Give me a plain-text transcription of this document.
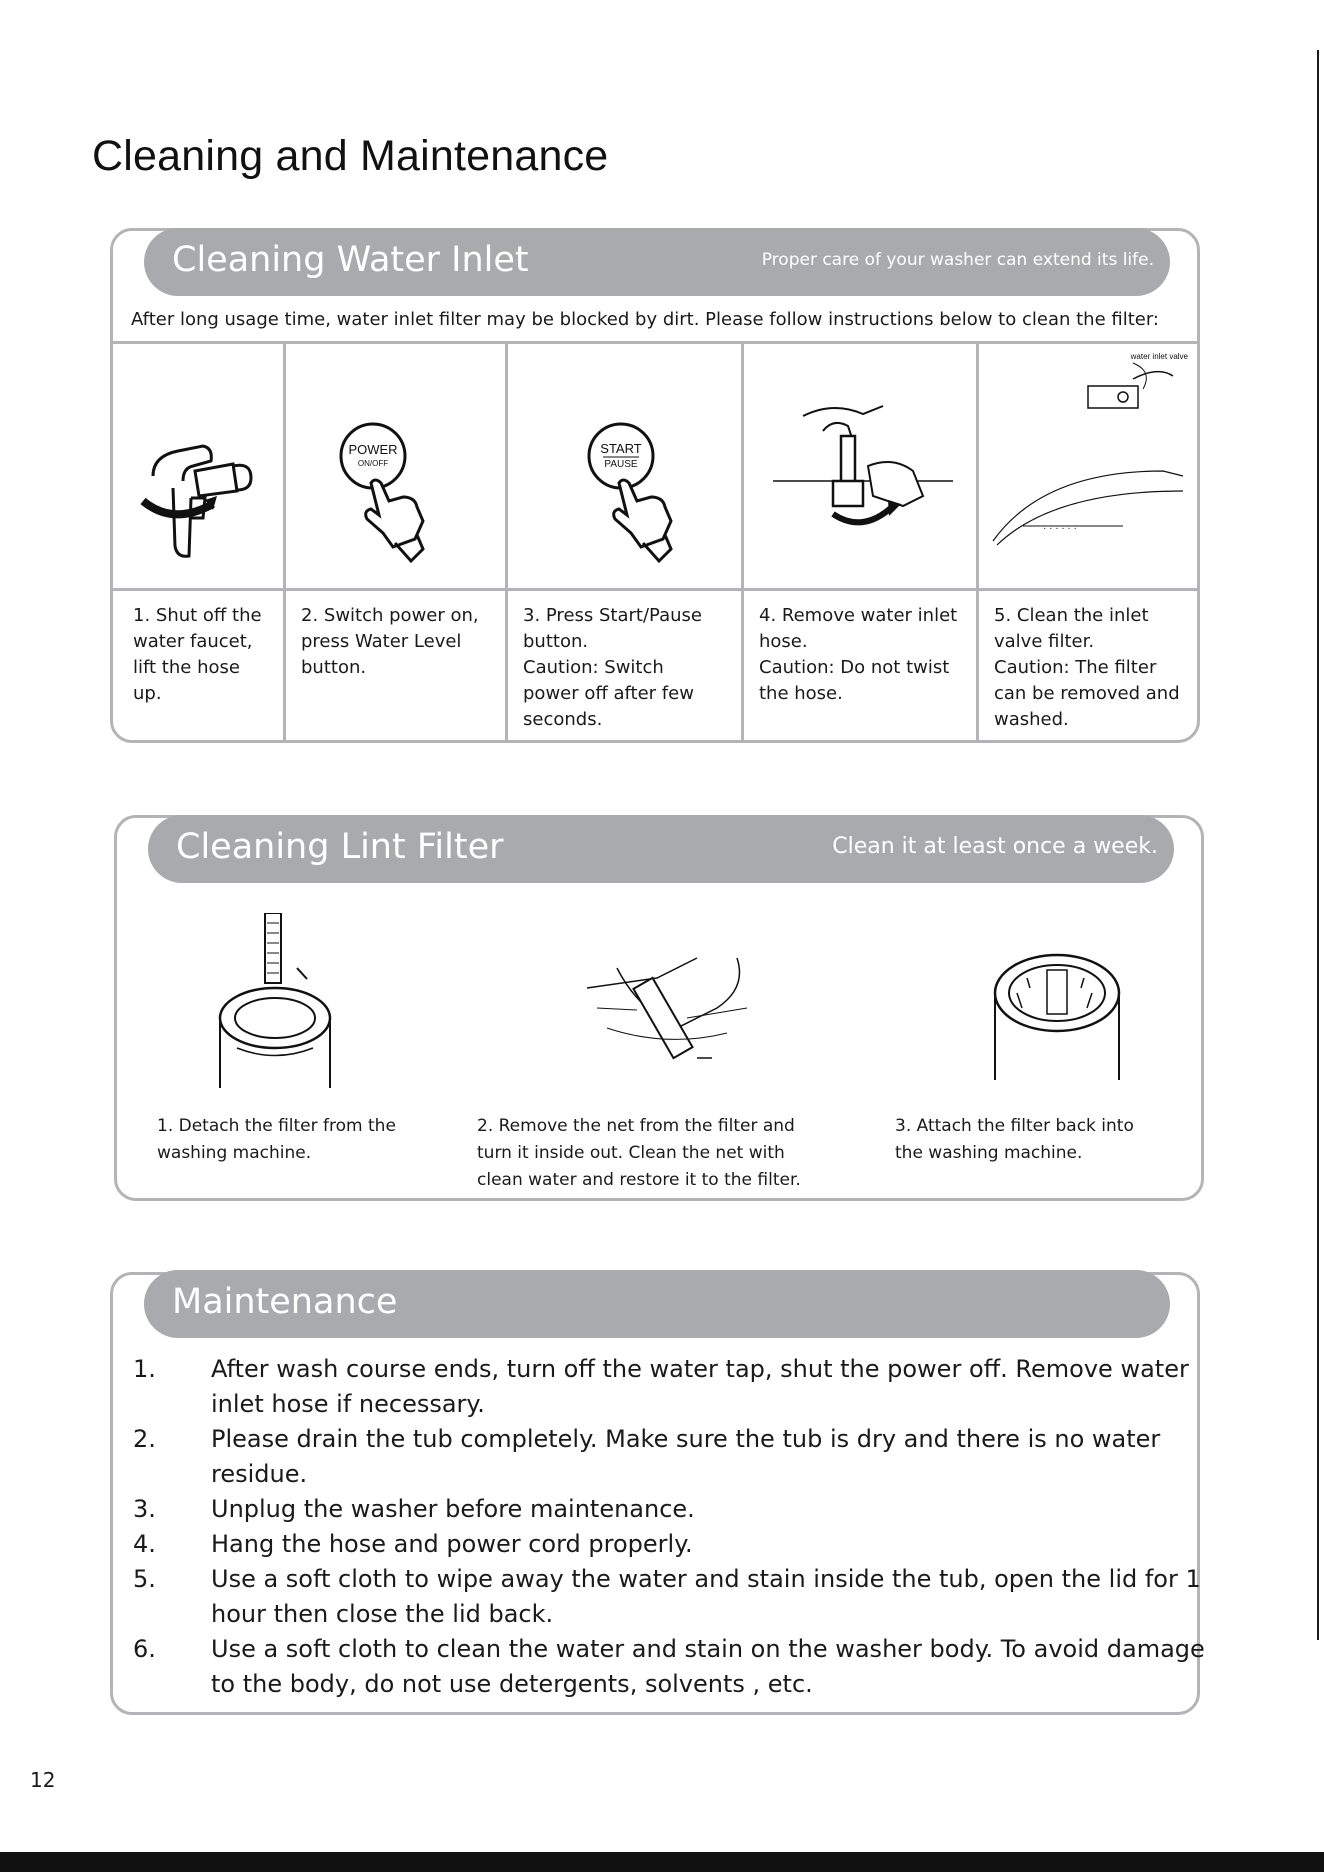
Cleaning and Maintenance
After long usage time, water inlet filter may be blocked by dirt. Please follow instructions below to clean the filter:
POWER
ON/OFF
START
PAUSE
water inlet valve
· · · · · ·
1. Shut off the
water faucet,
lift the hose
up.
2. Switch power on,
press Water Level
button.
3. Press Start/Pause
button.
Caution: Switch
power off after few
seconds.
4. Remove water inlet
hose.
Caution: Do not twist
the hose.
5. Clean the inlet
valve filter.
Caution: The filter
can be removed and
washed.
Cleaning Water Inlet	Proper care of your washer can extend its life.
1. Detach the filter from the
washing machine.
2. Remove the net from the filter and
turn it inside out. Clean the net with
clean water and restore it to the filter.
3. Attach the filter back into
the washing machine.
Cleaning Lint Filter	Clean it at least once a week.
1. After wash course ends, turn off the water tap, shut the power off. Remove water inlet hose if necessary.
2. Please drain the tub completely. Make sure the tub is dry and there is no water residue.
3. Unplug the washer before maintenance.
4. Hang the hose and power cord properly.
5. Use a soft cloth to wipe away the water and stain inside the tub, open the lid for 1 hour then close the lid back.
6. Use a soft cloth to clean the water and stain on the washer body. To avoid damage to the body, do not use detergents, solvents , etc.
Maintenance
12
